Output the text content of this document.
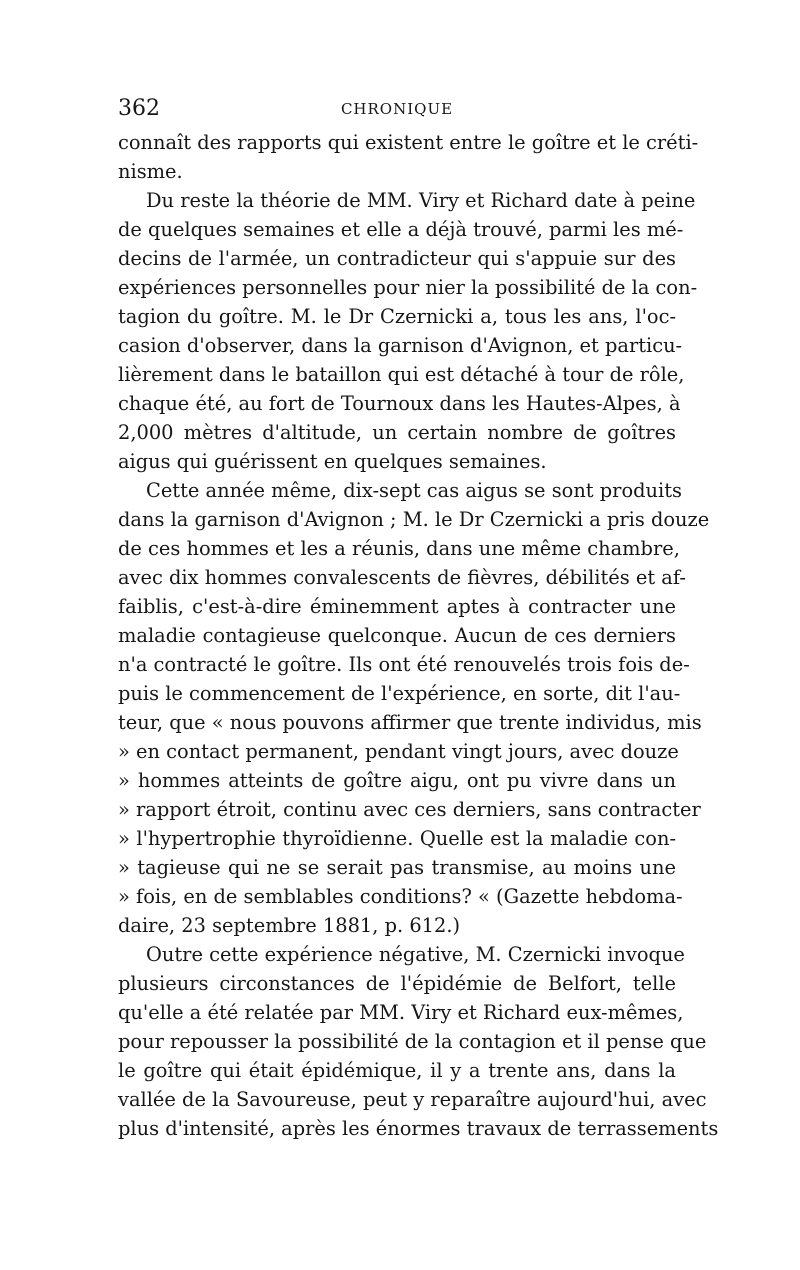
362	CHRONIQUE
connaît des rapports qui existent entre le goître et le créti-
nisme.
Du reste la théorie de MM. Viry et Richard date à peine
de quelques semaines et elle a déjà trouvé, parmi les mé-
decins de l'armée, un contradicteur qui s'appuie sur des
expériences personnelles pour nier la possibilité de la con-
tagion du goître. M. le Dr Czernicki a, tous les ans, l'oc-
casion d'observer, dans la garnison d'Avignon, et particu-
lièrement dans le bataillon qui est détaché à tour de rôle,
chaque été, au fort de Tournoux dans les Hautes-Alpes, à
2,000 mètres d'altitude, un certain nombre de goîtres
aigus qui guérissent en quelques semaines.
Cette année même, dix-sept cas aigus se sont produits
dans la garnison d'Avignon ; M. le Dr Czernicki a pris douze
de ces hommes et les a réunis, dans une même chambre,
avec dix hommes convalescents de fièvres, débilités et af-
faiblis, c'est-à-dire éminemment aptes à contracter une
maladie contagieuse quelconque. Aucun de ces derniers
n'a contracté le goître. Ils ont été renouvelés trois fois de-
puis le commencement de l'expérience, en sorte, dit l'au-
teur, que « nous pouvons affirmer que trente individus, mis
» en contact permanent, pendant vingt jours, avec douze
» hommes atteints de goître aigu, ont pu vivre dans un
» rapport étroit, continu avec ces derniers, sans contracter
» l'hypertrophie thyroïdienne. Quelle est la maladie con-
» tagieuse qui ne se serait pas transmise, au moins une
» fois, en de semblables conditions? « (Gazette hebdoma-
daire, 23 septembre 1881, p. 612.)
Outre cette expérience négative, M. Czernicki invoque
plusieurs circonstances de l'épidémie de Belfort, telle
qu'elle a été relatée par MM. Viry et Richard eux-mêmes,
pour repousser la possibilité de la contagion et il pense que
le goître qui était épidémique, il y a trente ans, dans la
vallée de la Savoureuse, peut y reparaître aujourd'hui, avec
plus d'intensité, après les énormes travaux de terrassements
